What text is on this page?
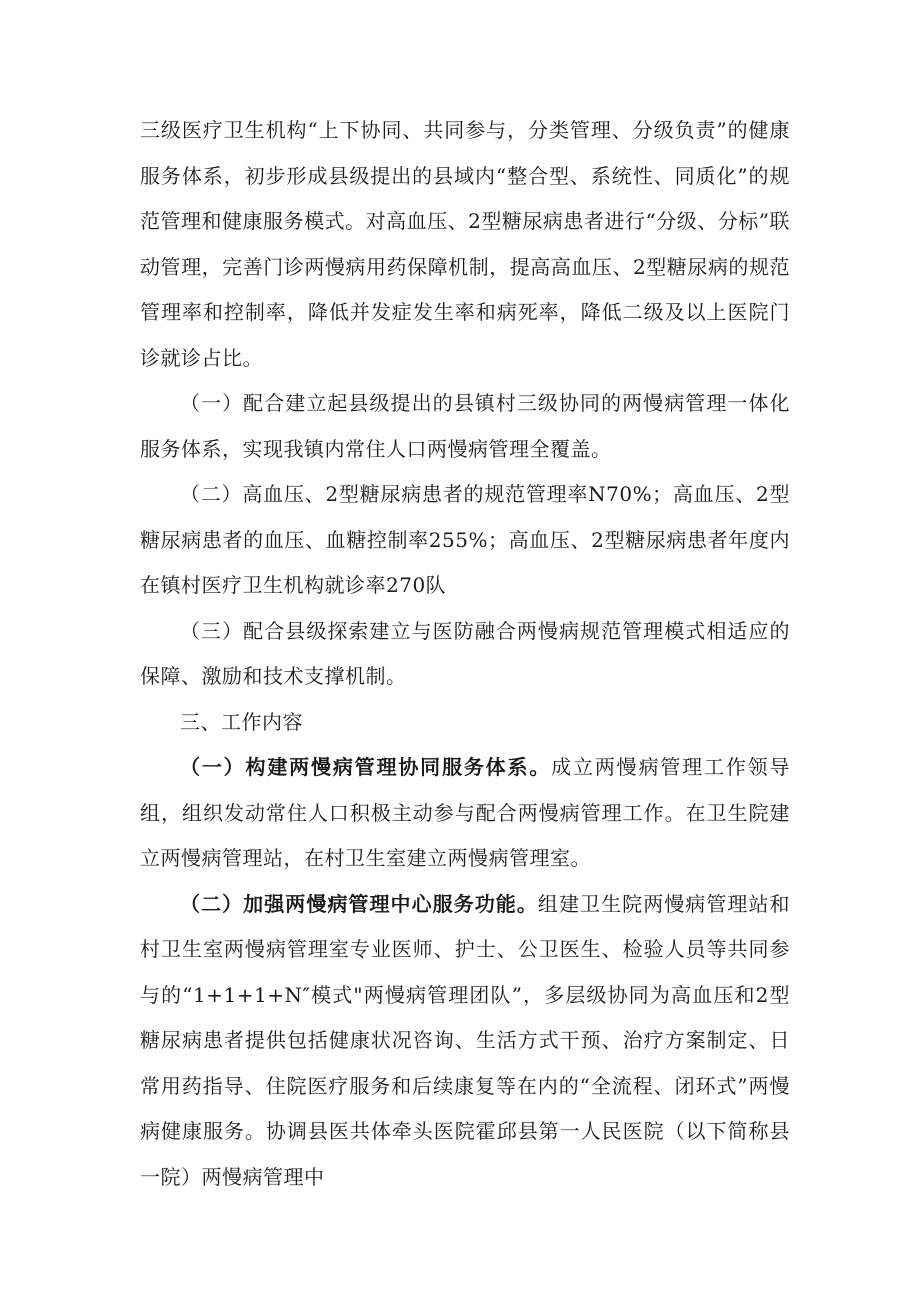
三级医疗卫生机构“上下协同、共同参与，分类管理、分级负责”的健康服务体系，初步形成县级提出的县域内“整合型、系统性、同质化”的规范管理和健康服务模式。对高血压、2型糖尿病患者进行“分级、分标”联动管理，完善门诊两慢病用药保障机制，提高高血压、2型糖尿病的规范管理率和控制率，降低并发症发生率和病死率，降低二级及以上医院门诊就诊占比。

（一）配合建立起县级提出的县镇村三级协同的两慢病管理一体化服务体系，实现我镇内常住人口两慢病管理全覆盖。

（二）高血压、2型糖尿病患者的规范管理率N70%；高血压、2型糖尿病患者的血压、血糖控制率255%；高血压、2型糖尿病患者年度内在镇村医疗卫生机构就诊率270队

（三）配合县级探索建立与医防融合两慢病规范管理模式相适应的保障、激励和技术支撑机制。

三、工作内容

（一）构建两慢病管理协同服务体系。成立两慢病管理工作领导组，组织发动常住人口积极主动参与配合两慢病管理工作。在卫生院建立两慢病管理站，在村卫生室建立两慢病管理室。

（二）加强两慢病管理中心服务功能。组建卫生院两慢病管理站和村卫生室两慢病管理室专业医师、护士、公卫医生、检验人员等共同参与的“1+1+1+N″模式"两慢病管理团队”，多层级协同为高血压和2型糖尿病患者提供包括健康状况咨询、生活方式干预、治疗方案制定、日常用药指导、住院医疗服务和后续康复等在内的“全流程、闭环式”两慢病健康服务。协调县医共体牵头医院霍邱县第一人民医院（以下简称县一院）两慢病管理中
